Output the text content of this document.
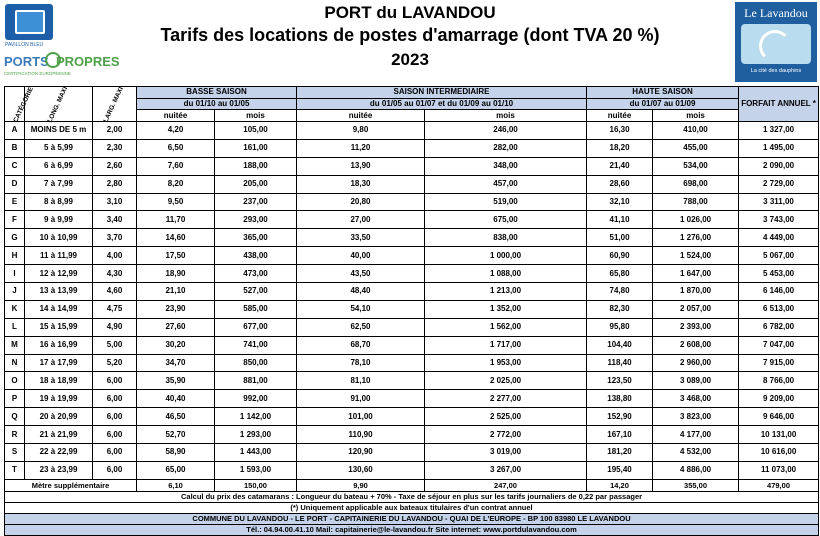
PAVILLON BLEU
PORTS PROPRES
CERTIFICATION EUROPÉENNE
PORT du LAVANDOU
Tarifs des locations de postes d'amarrage (dont TVA 20 %)
2023
Le Lavandou
La cité des dauphins
CATÉGORIE	LONG. MAXI	LARG. MAXI	BASSE SAISON		SAISON INTERMEDIAIRE		HAUTE SAISON		FORFAIT ANNUEL *
			du 01/10 au 01/05		du 01/05 au 01/07 et du 01/09 au 01/10		du 01/07 au 01/09		
			nuitée	mois	nuitée	mois	nuitée	mois	
A	MOINS DE 5 m	2,00	4,20	105,00	9,80	246,00	16,30	410,00	1 327,00
B	5 à 5,99	2,30	6,50	161,00	11,20	282,00	18,20	455,00	1 495,00
C	6 à 6,99	2,60	7,60	188,00	13,90	348,00	21,40	534,00	2 090,00
D	7 à 7,99	2,80	8,20	205,00	18,30	457,00	28,60	698,00	2 729,00
E	8 à 8,99	3,10	9,50	237,00	20,80	519,00	32,10	788,00	3 311,00
F	9 à 9,99	3,40	11,70	293,00	27,00	675,00	41,10	1 026,00	3 743,00
G	10 à 10,99	3,70	14,60	365,00	33,50	838,00	51,00	1 276,00	4 449,00
H	11 à 11,99	4,00	17,50	438,00	40,00	1 000,00	60,90	1 524,00	5 067,00
I	12 à 12,99	4,30	18,90	473,00	43,50	1 088,00	65,80	1 647,00	5 453,00
J	13 à 13,99	4,60	21,10	527,00	48,40	1 213,00	74,80	1 870,00	6 146,00
K	14 à 14,99	4,75	23,90	585,00	54,10	1 352,00	82,30	2 057,00	6 513,00
L	15 à 15,99	4,90	27,60	677,00	62,50	1 562,00	95,80	2 393,00	6 782,00
M	16 à 16,99	5,00	30,20	741,00	68,70	1 717,00	104,40	2 608,00	7 047,00
N	17 à 17,99	5,20	34,70	850,00	78,10	1 953,00	118,40	2 960,00	7 915,00
O	18 à 18,99	6,00	35,90	881,00	81,10	2 025,00	123,50	3 089,00	8 766,00
P	19 à 19,99	6,00	40,40	992,00	91,00	2 277,00	138,80	3 468,00	9 209,00
Q	20 à 20,99	6,00	46,50	1 142,00	101,00	2 525,00	152,90	3 823,00	9 646,00
R	21 à 21,99	6,00	52,70	1 293,00	110,90	2 772,00	167,10	4 177,00	10 131,00
S	22 à 22,99	6,00	58,90	1 443,00	120,90	3 019,00	181,20	4 532,00	10 616,00
T	23 à 23,99	6,00	65,00	1 593,00	130,60	3 267,00	195,40	4 886,00	11 073,00
Mètre supplémentaire			6,10	150,00	9,90	247,00	14,20	355,00	479,00
Calcul du prix des catamarans : Longueur du bateau + 70% - Taxe de séjour en plus sur les tarifs journaliers de 0,22 par passager									
(*) Uniquement applicable aux bateaux titulaires d'un contrat annuel									
COMMUNE DU LAVANDOU - LE PORT - CAPITAINERIE DU LAVANDOU - QUAI DE L'EUROPE - BP 100 83980 LE LAVANDOU									
Tél.: 04.94.00.41.10 Mail: capitainerie@le-lavandou.fr Site internet: www.portdulavandou.com									
